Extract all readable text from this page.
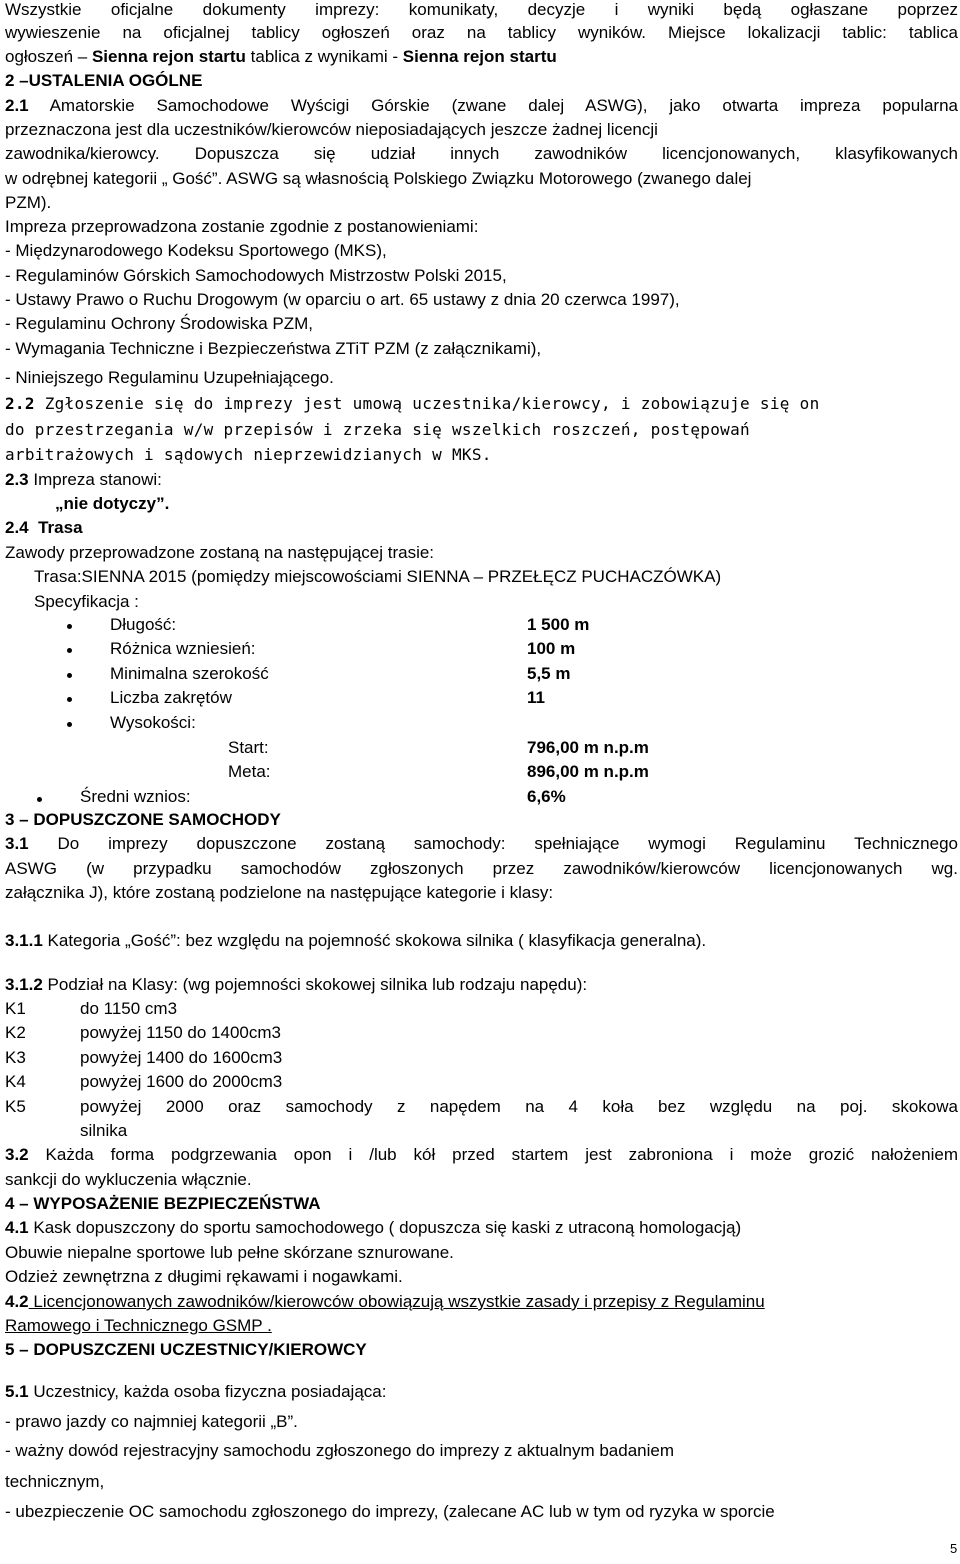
Wszystkie oficjalne dokumenty imprezy: komunikaty, decyzje i wyniki będą ogłaszane poprzez
wywieszenie na oficjalnej tablicy ogłoszeń oraz na tablicy wyników. Miejsce lokalizacji tablic: tablica
ogłoszeń – Sienna rejon startu tablica z wynikami - Sienna rejon startu
2 –USTALENIA OGÓLNE
2.1 Amatorskie Samochodowe Wyścigi Górskie (zwane dalej ASWG), jako otwarta impreza popularna
przeznaczona jest dla uczestników/kierowców nieposiadających jeszcze żadnej licencji
zawodnika/kierowcy. Dopuszcza się udział innych zawodników licencjonowanych, klasyfikowanych
w odrębnej kategorii „ Gość”. ASWG są własnością Polskiego Związku Motorowego (zwanego dalej
PZM).
Impreza przeprowadzona zostanie zgodnie z postanowieniami:
- Międzynarodowego Kodeksu Sportowego (MKS),
- Regulaminów Górskich Samochodowych Mistrzostw Polski 2015,
- Ustawy Prawo o Ruchu Drogowym (w oparciu o art. 65 ustawy z dnia 20 czerwca 1997),
- Regulaminu Ochrony Środowiska PZM,
- Wymagania Techniczne i Bezpieczeństwa ZTiT PZM (z załącznikami),
- Niniejszego Regulaminu Uzupełniającego.
2.2 Zgłoszenie się do imprezy jest umową uczestnika/kierowcy, i zobowiązuje się on
do przestrzegania w/w przepisów i zrzeka się wszelkich roszczeń, postępowań
arbitrażowych i sądowych nieprzewidzianych w MKS.
2.3 Impreza stanowi:
„nie dotyczy”.
2.4 Trasa
Zawody przeprowadzone zostaną na następującej trasie:
Trasa:SIENNA 2015 (pomiędzy miejscowościami SIENNA – PRZEŁĘCZ PUCHACZÓWKA)
Specyfikacja :
Długość:	1 500 m
Różnica wzniesień:	100 m
Minimalna szerokość	5,5 m
Liczba zakrętów	11
Wysokości:
Start:	796,00 m n.p.m
Meta:	896,00 m n.p.m
Średni wznios:	6,6%
3 – DOPUSZCZONE SAMOCHODY
3.1 Do imprezy dopuszczone zostaną samochody: spełniające wymogi Regulaminu Technicznego
ASWG (w przypadku samochodów zgłoszonych przez zawodników/kierowców licencjonowanych wg.
załącznika J), które zostaną podzielone na następujące kategorie i klasy:
3.1.1 Kategoria „Gość”: bez względu na pojemność skokowa silnika ( klasyfikacja generalna).
3.1.2 Podział na Klasy: (wg pojemności skokowej silnika lub rodzaju napędu):
K1	do 1150 cm3
K2	powyżej 1150 do 1400cm3
K3	powyżej 1400 do 1600cm3
K4	powyżej 1600 do 2000cm3
K5	powyżej 2000 oraz samochody z napędem na 4 koła bez względu na poj. skokowa
silnika
3.2 Każda forma podgrzewania opon i /lub kół przed startem jest zabroniona i może grozić nałożeniem
sankcji do wykluczenia włącznie.
4 – WYPOSAŻENIE BEZPIECZEŃSTWA
4.1 Kask dopuszczony do sportu samochodowego ( dopuszcza się kaski z utraconą homologacją)
Obuwie niepalne sportowe lub pełne skórzane sznurowane.
Odzież zewnętrzna z długimi rękawami i nogawkami.
4.2 Licencjonowanych zawodników/kierowców obowiązują wszystkie zasady i przepisy z Regulaminu
Ramowego i Technicznego GSMP .
5 – DOPUSZCZENI UCZESTNICY/KIEROWCY
5.1 Uczestnicy, każda osoba fizyczna posiadająca:
- prawo jazdy co najmniej kategorii „B”.
- ważny dowód rejestracyjny samochodu zgłoszonego do imprezy z aktualnym badaniem
technicznym,
- ubezpieczenie OC samochodu zgłoszonego do imprezy, (zalecane AC lub w tym od ryzyka w sporcie
5
